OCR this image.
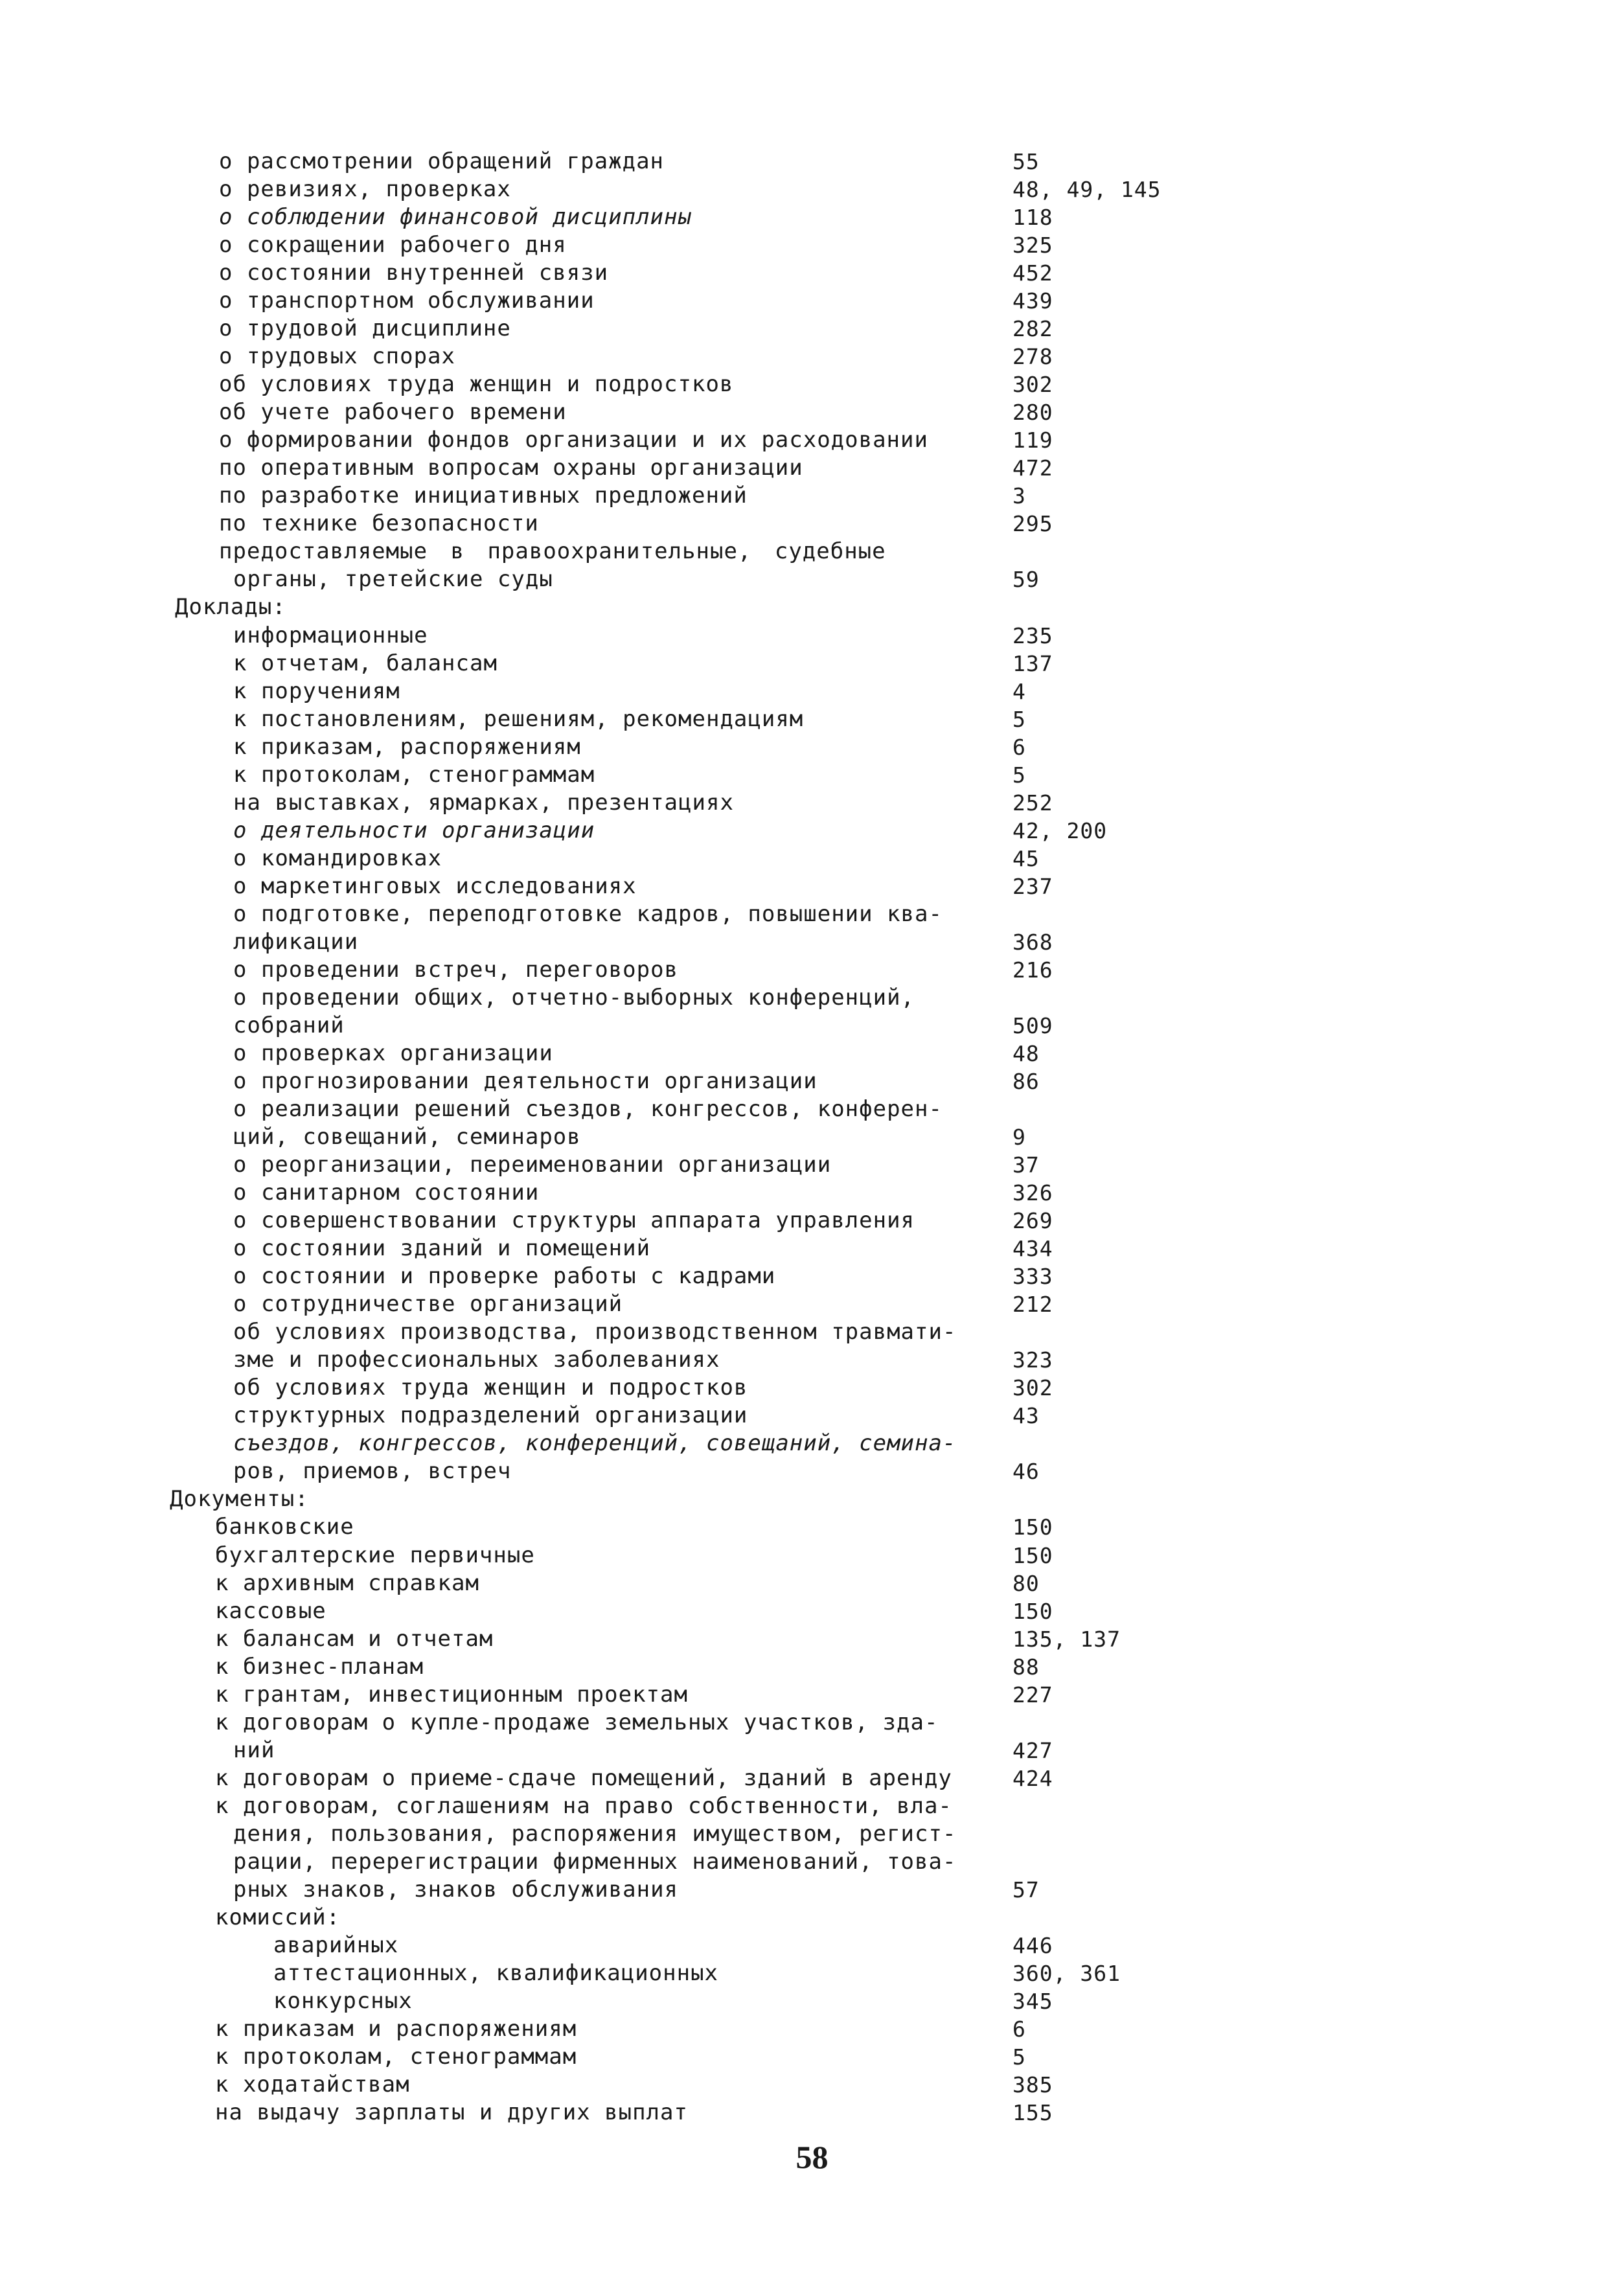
о рассмотрении обращений граждан	55
о ревизиях, проверках	48, 49, 145
о соблюдении финансовой дисциплины	118
о сокращении рабочего дня	325
о состоянии внутренней связи	452
о транспортном обслуживании	439
о трудовой дисциплине	282
о трудовых спорах	278
об условиях труда женщин и подростков	302
об учете рабочего времени	280
о формировании фондов организации и их расходовании	119
по оперативным вопросам охраны организации	472
по разработке инициативных предложений	3
по технике безопасности	295
предоставляемые в правоохранительные, судебные
органы, третейские суды	59
Доклады:
информационные	235
к отчетам, балансам	137
к поручениям	4
к постановлениям, решениям, рекомендациям	5
к приказам, распоряжениям	6
к протоколам, стенограммам	5
на выставках, ярмарках, презентациях	252
о деятельности организации	42, 200
о командировках	45
о маркетинговых исследованиях	237
о подготовке, переподготовке кадров, повышении ква-
лификации	368
о проведении встреч, переговоров	216
о проведении общих, отчетно-выборных конференций,
собраний	509
о проверках организации	48
о прогнозировании деятельности организации	86
о реализации решений съездов, конгрессов, конферен-
ций, совещаний, семинаров	9
о реорганизации, переименовании организации	37
о санитарном состоянии	326
о совершенствовании структуры аппарата управления	269
о состоянии зданий и помещений	434
о состоянии и проверке работы с кадрами	333
о сотрудничестве организаций	212
об условиях производства, производственном травмати-
зме и профессиональных заболеваниях	323
об условиях труда женщин и подростков	302
структурных подразделений организации	43
съездов, конгрессов, конференций, совещаний, семина-
ров, приемов, встреч	46
Документы:
банковские	150
бухгалтерские первичные	150
к архивным справкам	80
кассовые	150
к балансам и отчетам	135, 137
к бизнес-планам	88
к грантам, инвестиционным проектам	227
к договорам о купле-продаже земельных участков, зда-
ний	427
к договорам о приеме-сдаче помещений, зданий в аренду	424
к договорам, соглашениям на право собственности, вла-
дения, пользования, распоряжения имуществом, регист-
рации, перерегистрации фирменных наименований, това-
рных знаков, знаков обслуживания	57
комиссий:
аварийных	446
аттестационных, квалификационных	360, 361
конкурсных	345
к приказам и распоряжениям	6
к протоколам, стенограммам	5
к ходатайствам	385
на выдачу зарплаты и других выплат	155
58
